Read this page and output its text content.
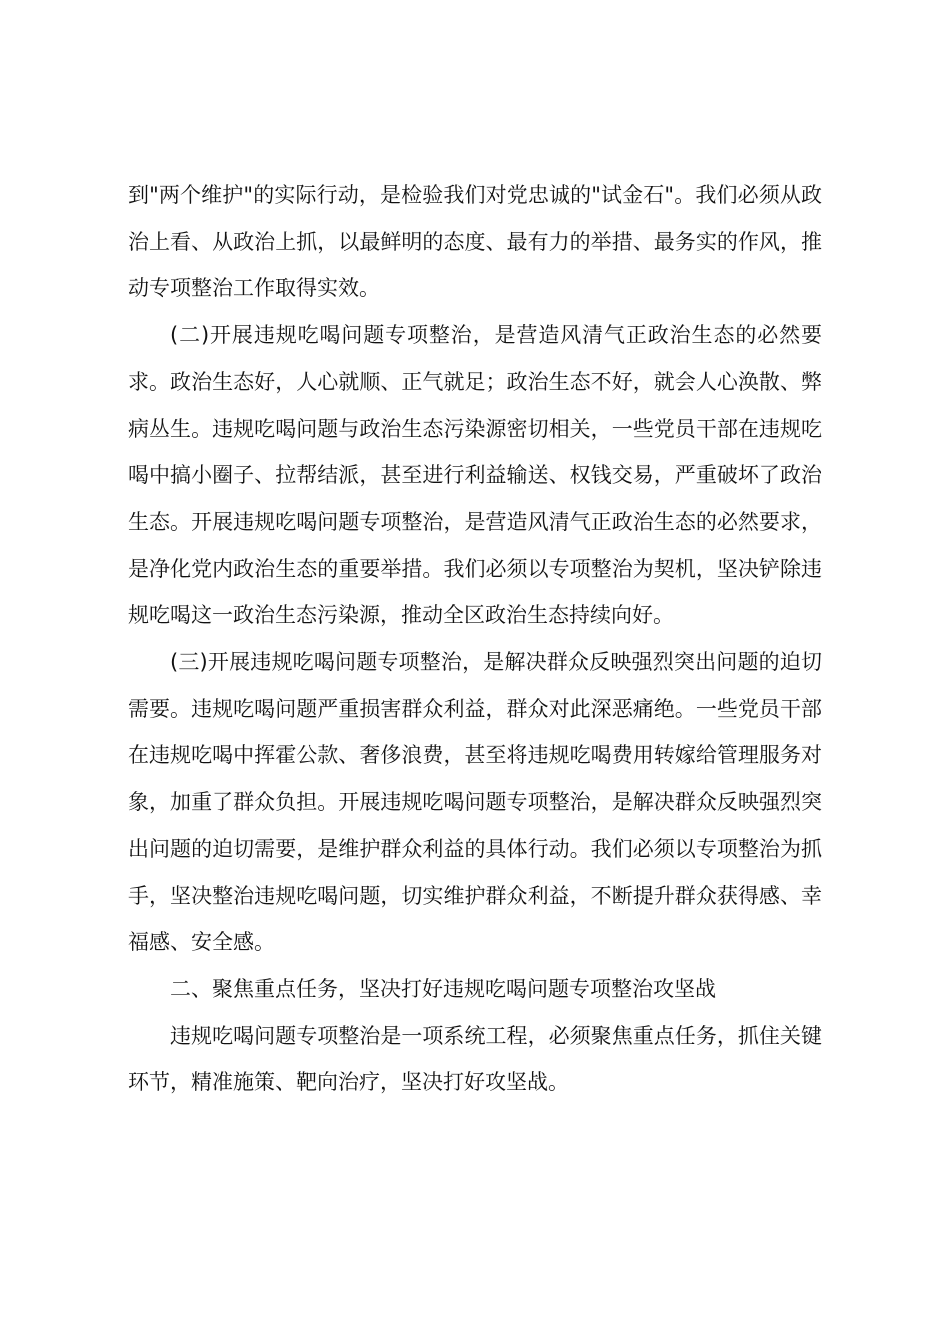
到"两个维护"的实际行动，是检验我们对党忠诚的"试金石"。我们必须从政治上看、从政治上抓，以最鲜明的态度、最有力的举措、最务实的作风，推动专项整治工作取得实效。

(二)开展违规吃喝问题专项整治，是营造风清气正政治生态的必然要求。政治生态好，人心就顺、正气就足；政治生态不好，就会人心涣散、弊病丛生。违规吃喝问题与政治生态污染源密切相关，一些党员干部在违规吃喝中搞小圈子、拉帮结派，甚至进行利益输送、权钱交易，严重破坏了政治生态。开展违规吃喝问题专项整治，是营造风清气正政治生态的必然要求，是净化党内政治生态的重要举措。我们必须以专项整治为契机，坚决铲除违规吃喝这一政治生态污染源，推动全区政治生态持续向好。

(三)开展违规吃喝问题专项整治，是解决群众反映强烈突出问题的迫切需要。违规吃喝问题严重损害群众利益，群众对此深恶痛绝。一些党员干部在违规吃喝中挥霍公款、奢侈浪费，甚至将违规吃喝费用转嫁给管理服务对象，加重了群众负担。开展违规吃喝问题专项整治，是解决群众反映强烈突出问题的迫切需要，是维护群众利益的具体行动。我们必须以专项整治为抓手，坚决整治违规吃喝问题，切实维护群众利益，不断提升群众获得感、幸福感、安全感。

二、聚焦重点任务，坚决打好违规吃喝问题专项整治攻坚战

违规吃喝问题专项整治是一项系统工程，必须聚焦重点任务，抓住关键环节，精准施策、靶向治疗，坚决打好攻坚战。
